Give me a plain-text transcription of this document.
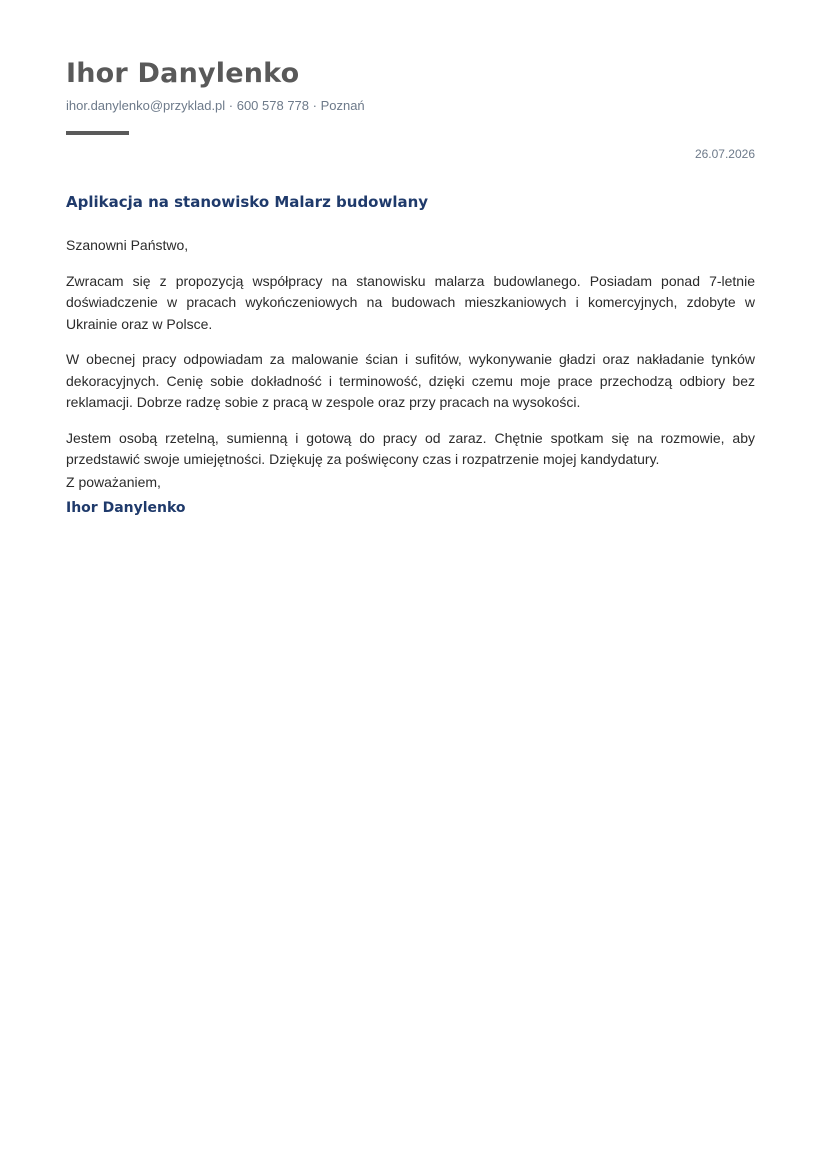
Ihor Danylenko
ihor.danylenko@przyklad.pl · 600 578 778 · Poznań
26.07.2026
Aplikacja na stanowisko Malarz budowlany

Szanowni Państwo,

Zwracam się z propozycją współpracy na stanowisku malarza budowlanego. Posiadam ponad 7-letnie doświadczenie w pracach wykończeniowych na budowach mieszkaniowych i komercyjnych, zdobyte w Ukrainie oraz w Polsce.

W obecnej pracy odpowiadam za malowanie ścian i sufitów, wykonywanie gładzi oraz nakładanie tynków dekoracyjnych. Cenię sobie dokładność i terminowość, dzięki czemu moje prace przechodzą odbiory bez reklamacji. Dobrze radzę sobie z pracą w zespole oraz przy pracach na wysokości.

Jestem osobą rzetelną, sumienną i gotową do pracy od zaraz. Chętnie spotkam się na rozmowie, aby przedstawić swoje umiejętności. Dziękuję za poświęcony czas i rozpatrzenie mojej kandydatury.

Z poważaniem,
Ihor Danylenko
